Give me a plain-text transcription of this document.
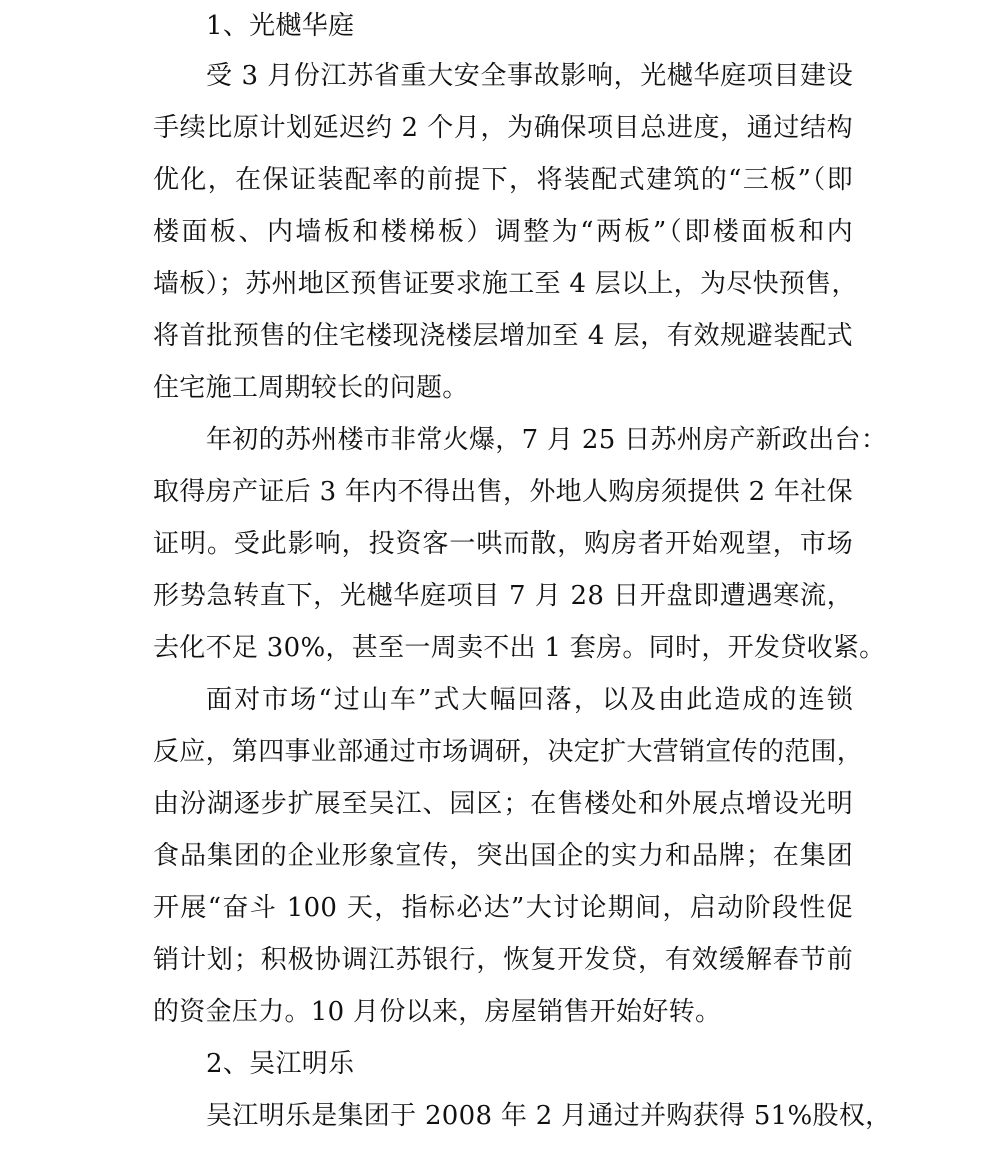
1、光樾华庭
受 3 月份江苏省重大安全事故影响，光樾华庭项目建设
手续比原计划延迟约 2 个月，为确保项目总进度，通过结构
优化，在保证装配率的前提下，将装配式建筑的“三板”（即
楼面板、内墙板和楼梯板）调整为“两板”（即楼面板和内
墙板）；苏州地区预售证要求施工至 4 层以上，为尽快预售，
将首批预售的住宅楼现浇楼层增加至 4 层，有效规避装配式
住宅施工周期较长的问题。
年初的苏州楼市非常火爆，7 月 25 日苏州房产新政出台：
取得房产证后 3 年内不得出售，外地人购房须提供 2 年社保
证明。受此影响，投资客一哄而散，购房者开始观望，市场
形势急转直下，光樾华庭项目 7 月 28 日开盘即遭遇寒流，
去化不足 30%，甚至一周卖不出 1 套房。同时，开发贷收紧。
面对市场“过山车”式大幅回落，以及由此造成的连锁
反应，第四事业部通过市场调研，决定扩大营销宣传的范围，
由汾湖逐步扩展至吴江、园区；在售楼处和外展点增设光明
食品集团的企业形象宣传，突出国企的实力和品牌；在集团
开展“奋斗 100 天，指标必达”大讨论期间，启动阶段性促
销计划；积极协调江苏银行，恢复开发贷，有效缓解春节前
的资金压力。10 月份以来，房屋销售开始好转。
2、吴江明乐
吴江明乐是集团于 2008 年 2 月通过并购获得 51%股权，
